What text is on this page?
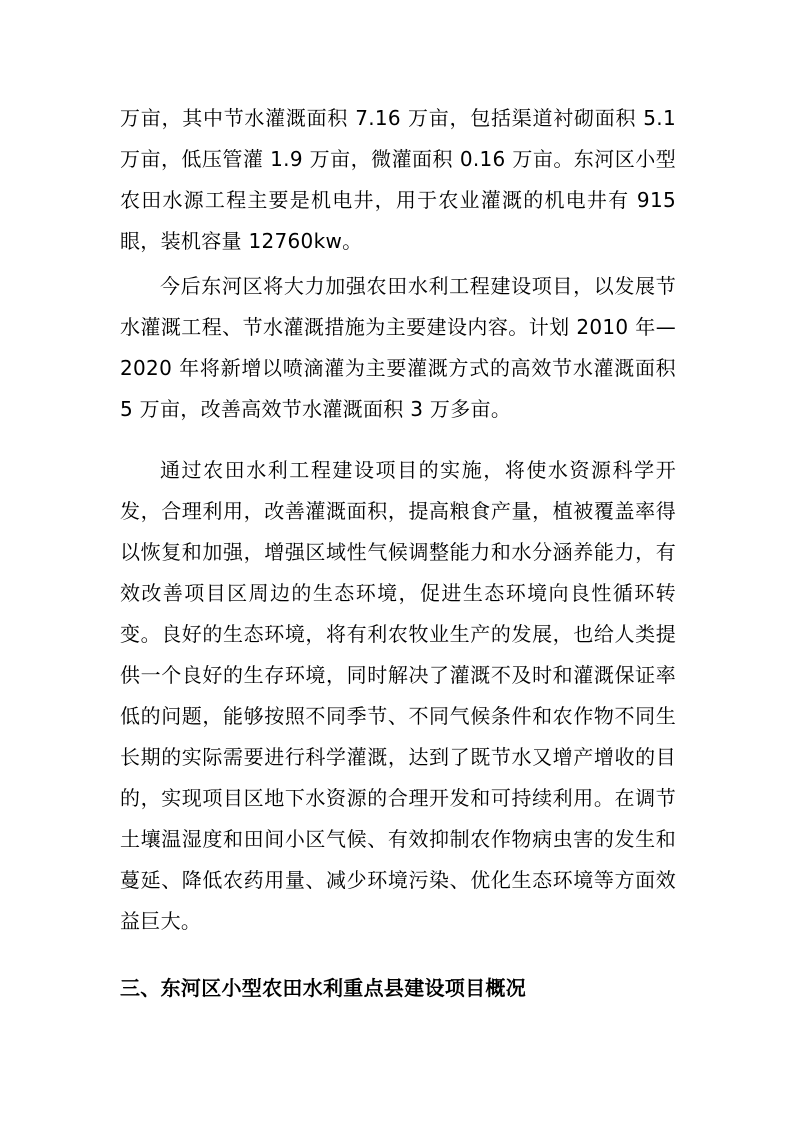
万亩，其中节水灌溉面积 7.16 万亩，包括渠道衬砌面积 5.1 万亩，低压管灌 1.9 万亩，微灌面积 0.16 万亩。东河区小型农田水源工程主要是机电井，用于农业灌溉的机电井有 915 眼，装机容量 12760kw。

今后东河区将大力加强农田水利工程建设项目，以发展节水灌溉工程、节水灌溉措施为主要建设内容。计划 2010 年—2020 年将新增以喷滴灌为主要灌溉方式的高效节水灌溉面积 5 万亩，改善高效节水灌溉面积 3 万多亩。

通过农田水利工程建设项目的实施，将使水资源科学开发，合理利用，改善灌溉面积，提高粮食产量，植被覆盖率得以恢复和加强，增强区域性气候调整能力和水分涵养能力，有效改善项目区周边的生态环境，促进生态环境向良性循环转变。良好的生态环境，将有利农牧业生产的发展，也给人类提供一个良好的生存环境，同时解决了灌溉不及时和灌溉保证率低的问题，能够按照不同季节、不同气候条件和农作物不同生长期的实际需要进行科学灌溉，达到了既节水又增产增收的目的，实现项目区地下水资源的合理开发和可持续利用。在调节土壤温湿度和田间小区气候、有效抑制农作物病虫害的发生和蔓延、降低农药用量、减少环境污染、优化生态环境等方面效益巨大。

三、东河区小型农田水利重点县建设项目概况
